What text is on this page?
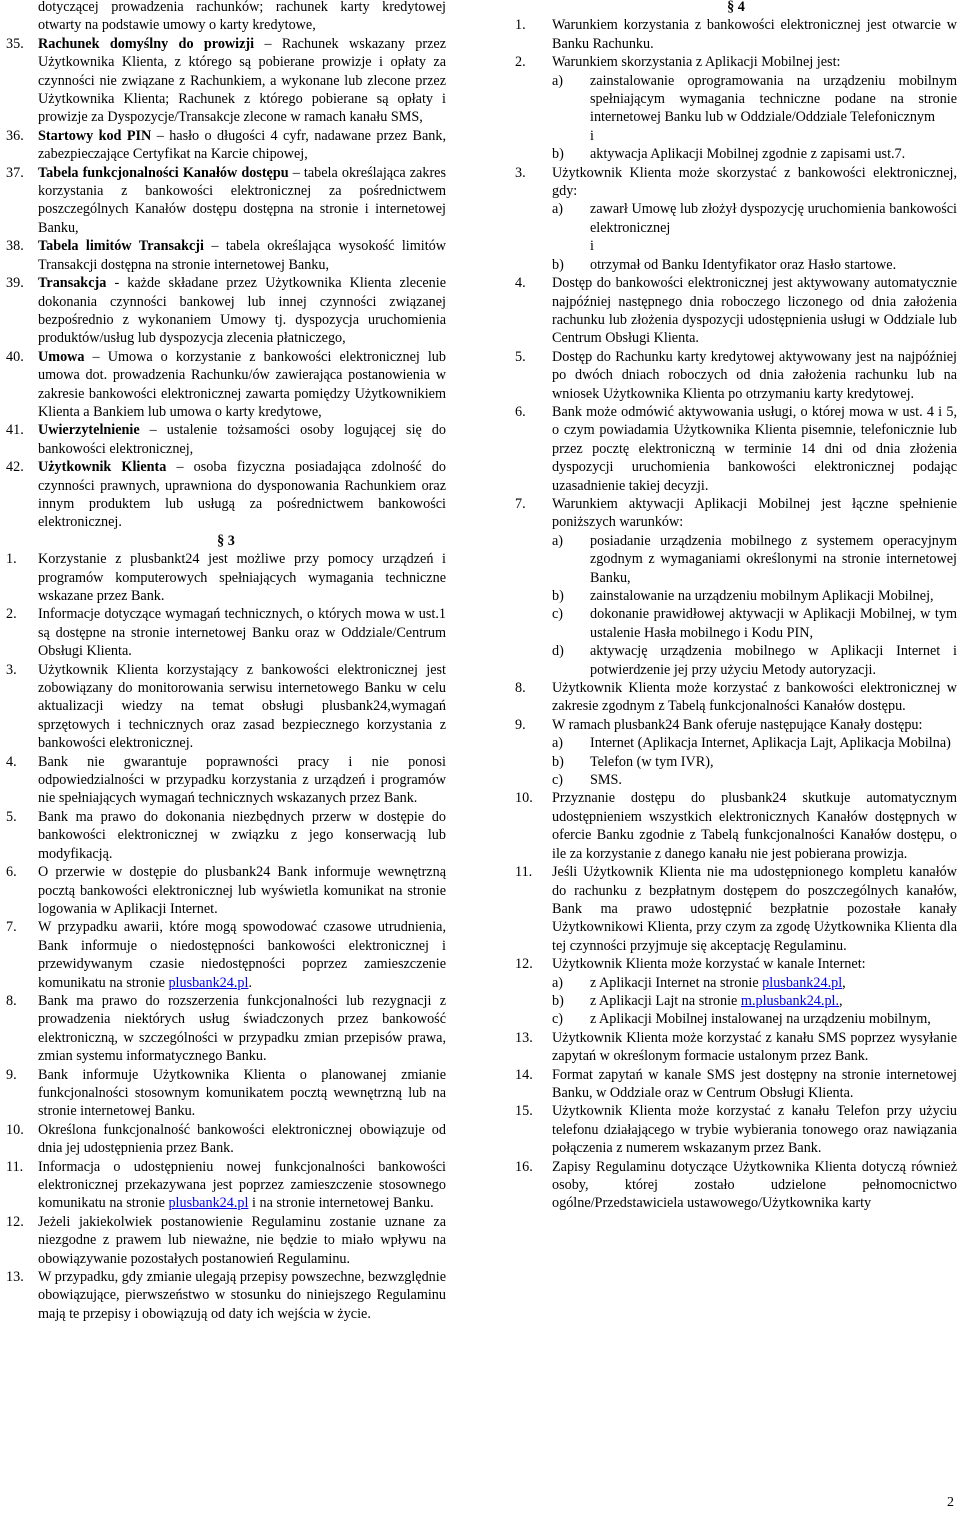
dotyczącej prowadzenia rachunków; rachunek karty kredytowej otwarty na podstawie umowy o karty kredytowe,

35.	Rachunek domyślny do prowizji – Rachunek wskazany przez Użytkownika Klienta, z którego są pobierane prowizje i opłaty za czynności nie związane z Rachunkiem, a wykonane lub zlecone przez Użytkownika Klienta; Rachunek z którego pobierane są opłaty i prowizje za Dyspozycje/Transakcje zlecone w ramach kanału SMS,
36.	Startowy kod PIN – hasło o długości 4 cyfr, nadawane przez Bank, zabezpieczające Certyfikat na Karcie chipowej,
37.	Tabela funkcjonalności Kanałów dostępu – tabela określająca zakres korzystania z bankowości elektronicznej za pośrednictwem poszczególnych Kanałów dostępu dostępna na stronie i internetowej Banku,
38.	Tabela limitów Transakcji – tabela określająca wysokość limitów Transakcji dostępna na stronie internetowej Banku,
39.	Transakcja - każde składane przez Użytkownika Klienta zlecenie dokonania czynności bankowej lub innej czynności związanej bezpośrednio z wykonaniem Umowy tj. dyspozycja uruchomienia produktów/usług lub dyspozycja zlecenia płatniczego,
40.	Umowa – Umowa o korzystanie z bankowości elektronicznej lub umowa dot. prowadzenia Rachunku/ów zawierająca postanowienia w zakresie bankowości elektronicznej zawarta pomiędzy Użytkownikiem Klienta a Bankiem lub umowa o karty kredytowe,
41.	Uwierzytelnienie – ustalenie tożsamości osoby logującej się do bankowości elektronicznej,
42.	Użytkownik Klienta – osoba fizyczna posiadająca zdolność do czynności prawnych, uprawniona do dysponowania Rachunkiem oraz innym produktem lub usługą za pośrednictwem bankowości elektronicznej.

§ 3

1.	Korzystanie z plusbankt24 jest możliwe przy pomocy urządzeń i programów komputerowych spełniających wymagania techniczne wskazane przez Bank.
2.	Informacje dotyczące wymagań technicznych, o których mowa w ust.1 są dostępne na stronie internetowej Banku oraz w Oddziale/Centrum Obsługi Klienta.
3.	Użytkownik Klienta korzystający z bankowości elektronicznej jest zobowiązany do monitorowania serwisu internetowego Banku w celu aktualizacji wiedzy na temat obsługi plusbank24,wymagań sprzętowych i technicznych oraz zasad bezpiecznego korzystania z bankowości elektronicznej.
4.	Bank nie gwarantuje poprawności pracy i nie ponosi odpowiedzialności w przypadku korzystania z urządzeń i programów nie spełniających wymagań technicznych wskazanych przez Bank.
5.	Bank ma prawo do dokonania niezbędnych przerw w dostępie do bankowości elektronicznej w związku z jego konserwacją lub modyfikacją.
6.	O przerwie w dostępie do plusbank24 Bank informuje wewnętrzną pocztą bankowości elektronicznej lub wyświetla komunikat na stronie logowania w Aplikacji Internet.
7.	W przypadku awarii, które mogą spowodować czasowe utrudnienia, Bank informuje o niedostępności bankowości elektronicznej i przewidywanym czasie niedostępności poprzez zamieszczenie komunikatu na stronie plusbank24.pl.
8.	Bank ma prawo do rozszerzenia funkcjonalności lub rezygnacji z prowadzenia niektórych usług świadczonych przez bankowość elektroniczną, w szczególności w przypadku zmian przepisów prawa, zmian systemu informatycznego Banku.
9.	Bank informuje Użytkownika Klienta o planowanej zmianie funkcjonalności stosownym komunikatem pocztą wewnętrzną lub na stronie internetowej Banku.
10.	Określona funkcjonalność bankowości elektronicznej obowiązuje od dnia jej udostępnienia przez Bank.
11.	Informacja o udostępnieniu nowej funkcjonalności bankowości elektronicznej przekazywana jest poprzez zamieszczenie stosownego komunikatu na stronie plusbank24.pl i na stronie internetowej Banku.
12.	Jeżeli jakiekolwiek postanowienie Regulaminu zostanie uznane za niezgodne z prawem lub nieważne, nie będzie to miało wpływu na obowiązywanie pozostałych postanowień Regulaminu.
13.	W przypadku, gdy zmianie ulegają przepisy powszechne, bezwzględnie obowiązujące, pierwszeństwo w stosunku do niniejszego Regulaminu mają te przepisy i obowiązują od daty ich wejścia w życie.

§ 4

1.	Warunkiem korzystania z bankowości elektronicznej jest otwarcie w Banku Rachunku.
2.	Warunkiem skorzystania z Aplikacji Mobilnej jest:
a)	zainstalowanie oprogramowania na urządzeniu mobilnym spełniającym wymagania techniczne podane na stronie internetowej Banku lub w Oddziale/Oddziale Telefonicznym
i
b)	aktywacja Aplikacji Mobilnej zgodnie z zapisami ust.7.
3.	Użytkownik Klienta może skorzystać z bankowości elektronicznej, gdy:
a)	zawarł Umowę lub złożył dyspozycję uruchomienia bankowości elektronicznej
i
b)	otrzymał od Banku Identyfikator oraz Hasło startowe.
4.	Dostęp do bankowości elektronicznej jest aktywowany automatycznie najpóźniej następnego dnia roboczego liczonego od dnia założenia rachunku lub złożenia dyspozycji udostępnienia usługi w Oddziale lub Centrum Obsługi Klienta.
5.	Dostęp do Rachunku karty kredytowej aktywowany jest na najpóźniej po dwóch dniach roboczych od dnia założenia rachunku lub na wniosek Użytkownika Klienta po otrzymaniu karty kredytowej.
6.	Bank może odmówić aktywowania usługi, o której mowa w ust. 4 i 5, o czym powiadamia Użytkownika Klienta pisemnie, telefonicznie lub przez pocztę elektroniczną w terminie 14 dni od dnia złożenia dyspozycji uruchomienia bankowości elektronicznej podając uzasadnienie takiej decyzji.
7.	Warunkiem aktywacji Aplikacji Mobilnej jest łączne spełnienie poniższych warunków:
a)	posiadanie urządzenia mobilnego z systemem operacyjnym zgodnym z wymaganiami określonymi na stronie internetowej Banku,
b)	zainstalowanie na urządzeniu mobilnym Aplikacji Mobilnej,
c)	dokonanie prawidłowej aktywacji w Aplikacji Mobilnej, w tym ustalenie Hasła mobilnego i Kodu PIN,
d)	aktywację urządzenia mobilnego w Aplikacji Internet i potwierdzenie jej przy użyciu Metody autoryzacji.
8.	Użytkownik Klienta może korzystać z bankowości elektronicznej w zakresie zgodnym z Tabelą funkcjonalności Kanałów dostępu.
9.	W ramach plusbank24 Bank oferuje następujące Kanały dostępu:
a)	Internet (Aplikacja Internet, Aplikacja Lajt, Aplikacja Mobilna)
b)	Telefon (w tym IVR),
c)	SMS.
10.	Przyznanie dostępu do plusbank24 skutkuje automatycznym udostępnieniem wszystkich elektronicznych Kanałów dostępnych w ofercie Banku zgodnie z Tabelą funkcjonalności Kanałów dostępu, o ile za korzystanie z danego kanału nie jest pobierana prowizja.
11.	Jeśli Użytkownik Klienta nie ma udostępnionego kompletu kanałów do rachunku z bezpłatnym dostępem do poszczególnych kanałów, Bank ma prawo udostępnić bezpłatnie pozostałe kanały Użytkownikowi Klienta, przy czym za zgodę Użytkownika Klienta dla tej czynności przyjmuje się akceptację Regulaminu.
12.	Użytkownik Klienta może korzystać w kanale Internet:
a)	z Aplikacji Internet na stronie plusbank24.pl,
b)	z Aplikacji Lajt na stronie m.plusbank24.pl.,
c)	z Aplikacji Mobilnej instalowanej na urządzeniu mobilnym,
13.	Użytkownik Klienta może korzystać z kanału SMS poprzez wysyłanie zapytań w określonym formacie ustalonym przez Bank.
14.	Format zapytań w kanale SMS jest dostępny na stronie internetowej Banku, w Oddziale oraz w Centrum Obsługi Klienta.
15.	Użytkownik Klienta może korzystać z kanału Telefon przy użyciu telefonu działającego w trybie wybierania tonowego oraz nawiązania połączenia z numerem wskazanym przez Bank.
16.	Zapisy Regulaminu dotyczące Użytkownika Klienta dotyczą również osoby, której zostało udzielone pełnomocnictwo ogólne/Przedstawiciela ustawowego/Użytkownika karty
2
